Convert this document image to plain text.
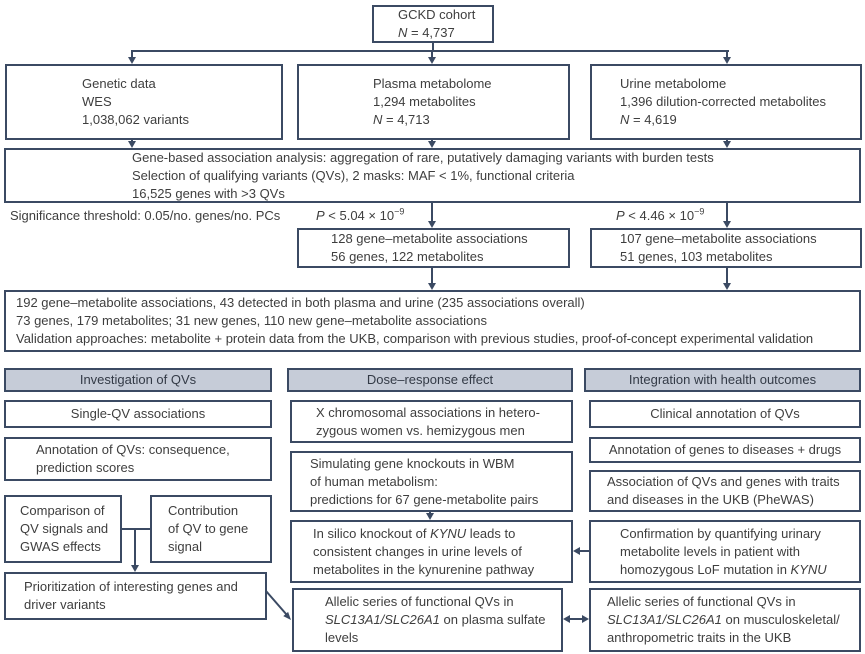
GCKD cohort
N = 4,737
Genetic data
WES
1,038,062 variants
Plasma metabolome
1,294 metabolites
N = 4,713
Urine metabolome
1,396 dilution-corrected metabolites
N = 4,619
Gene-based association analysis: aggregation of rare, putatively damaging variants with burden tests
Selection of qualifying variants (QVs), 2 masks: MAF < 1%, functional criteria
16,525 genes with >3 QVs
Significance threshold: 0.05/no. genes/no. PCs	$P < 5.04 \times 10^{-9}$	$P < 4.46 \times 10^{-9}$
128 gene–metabolite associations
56 genes, 122 metabolites
107 gene–metabolite associations
51 genes, 103 metabolites
192 gene–metabolite associations, 43 detected in both plasma and urine (235 associations overall)
73 genes, 179 metabolites; 31 new genes, 110 new gene–metabolite associations
Validation approaches: metabolite + protein data from the UKB, comparison with previous studies, proof-of-concept experimental validation
Investigation of QVs	Dose–response effect	Integration with health outcomes
Single-QV associations
Annotation of QVs: consequence,
prediction scores
Comparison of
QV signals and
GWAS effects
Contribution
of QV to gene
signal
Prioritization of interesting genes and
driver variants
X chromosomal associations in hetero-
zygous women vs. hemizygous men
Simulating gene knockouts in WBM
of human metabolism:
predictions for 67 gene-metabolite pairs
In silico knockout of KYNU leads to
consistent changes in urine levels of
metabolites in the kynurenine pathway
Allelic series of functional QVs in
SLC13A1/SLC26A1 on plasma sulfate
levels
Clinical annotation of QVs
Annotation of genes to diseases + drugs
Association of QVs and genes with traits
and diseases in the UKB (PheWAS)
Confirmation by quantifying urinary
metabolite levels in patient with
homozygous LoF mutation in KYNU
Allelic series of functional QVs in
SLC13A1/SLC26A1 on musculoskeletal/
anthropometric traits in the UKB
